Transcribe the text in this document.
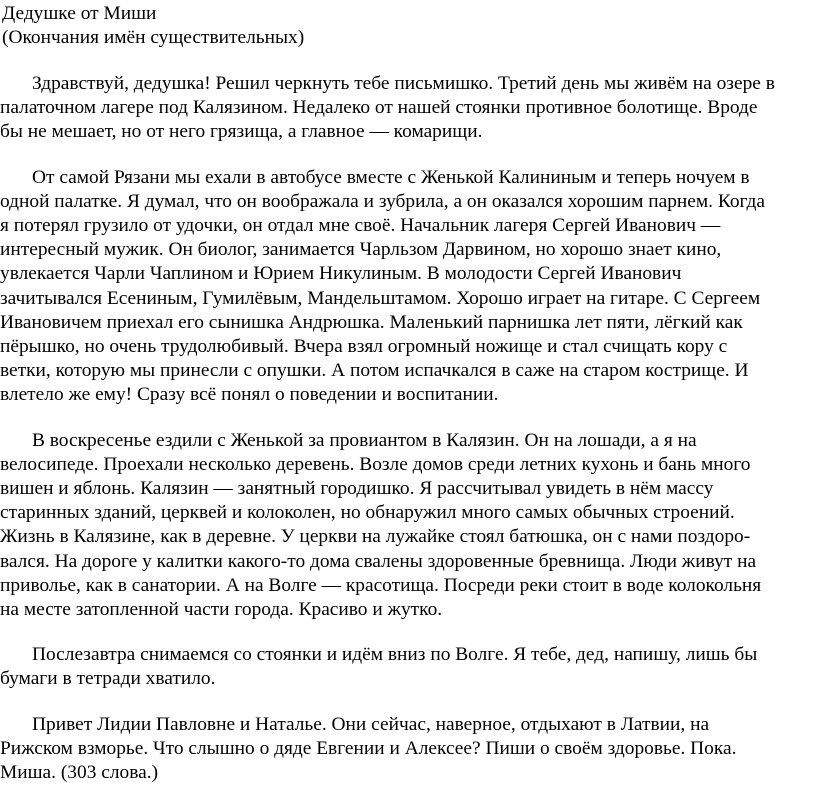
Дедушке от Миши
(Окончания имён существительных)
Здравствуй, дедушка! Решил черкнуть тебе письмишко. Третий день мы живём на озере в
палаточном лагере под Калязином. Недалеко от нашей стоянки противное болотище. Вроде
бы не мешает, но от него грязища, а главное — комарищи.
От самой Рязани мы ехали в автобусе вместе с Женькой Калининым и теперь ночуем в
одной палатке. Я думал, что он воображала и зубрила, а он оказался хорошим парнем. Когда
я потерял грузило от удочки, он отдал мне своё. Начальник лагеря Сергей Иванович —
интересный мужик. Он биолог, занимается Чарльзом Дарвином, но хорошо знает кино,
увлекается Чарли Чаплином и Юрием Никулиным. В молодости Сергей Иванович
зачитывался Есениным, Гумилёвым, Мандельштамом. Хорошо играет на гитаре. С Сергеем
Ивановичем приехал его сынишка Андрюшка. Маленький парнишка лет пяти, лёгкий как
пёрышко, но очень трудолюбивый. Вчера взял огромный ножище и стал счищать кору с
ветки, которую мы принесли с опушки. А потом испачкался в саже на старом кострище. И
влетело же ему! Сразу всё понял о поведении и воспитании.
В воскресенье ездили с Женькой за провиантом в Калязин. Он на лошади, а я на
велосипеде. Проехали несколько деревень. Возле домов среди летних кухонь и бань много
вишен и яблонь. Калязин — занятный городишко. Я рассчитывал увидеть в нём массу
старинных зданий, церквей и колоколен, но обнаружил много самых обычных строений.
Жизнь в Калязине, как в деревне. У церкви на лужайке стоял батюшка, он с нами поздоро-
вался. На дороге у калитки какого-то дома свалены здоровенные бревнища. Люди живут на
приволье, как в санатории. А на Волге — красотища. Посреди реки стоит в воде колокольня
на месте затопленной части города. Красиво и жутко.
Послезавтра снимаемся со стоянки и идём вниз по Волге. Я тебе, дед, напишу, лишь бы
бумаги в тетради хватило.
Привет Лидии Павловне и Наталье. Они сейчас, наверное, отдыхают в Латвии, на
Рижском взморье. Что слышно о дяде Евгении и Алексее? Пиши о своём здоровье. Пока.
Миша. (303 слова.)
